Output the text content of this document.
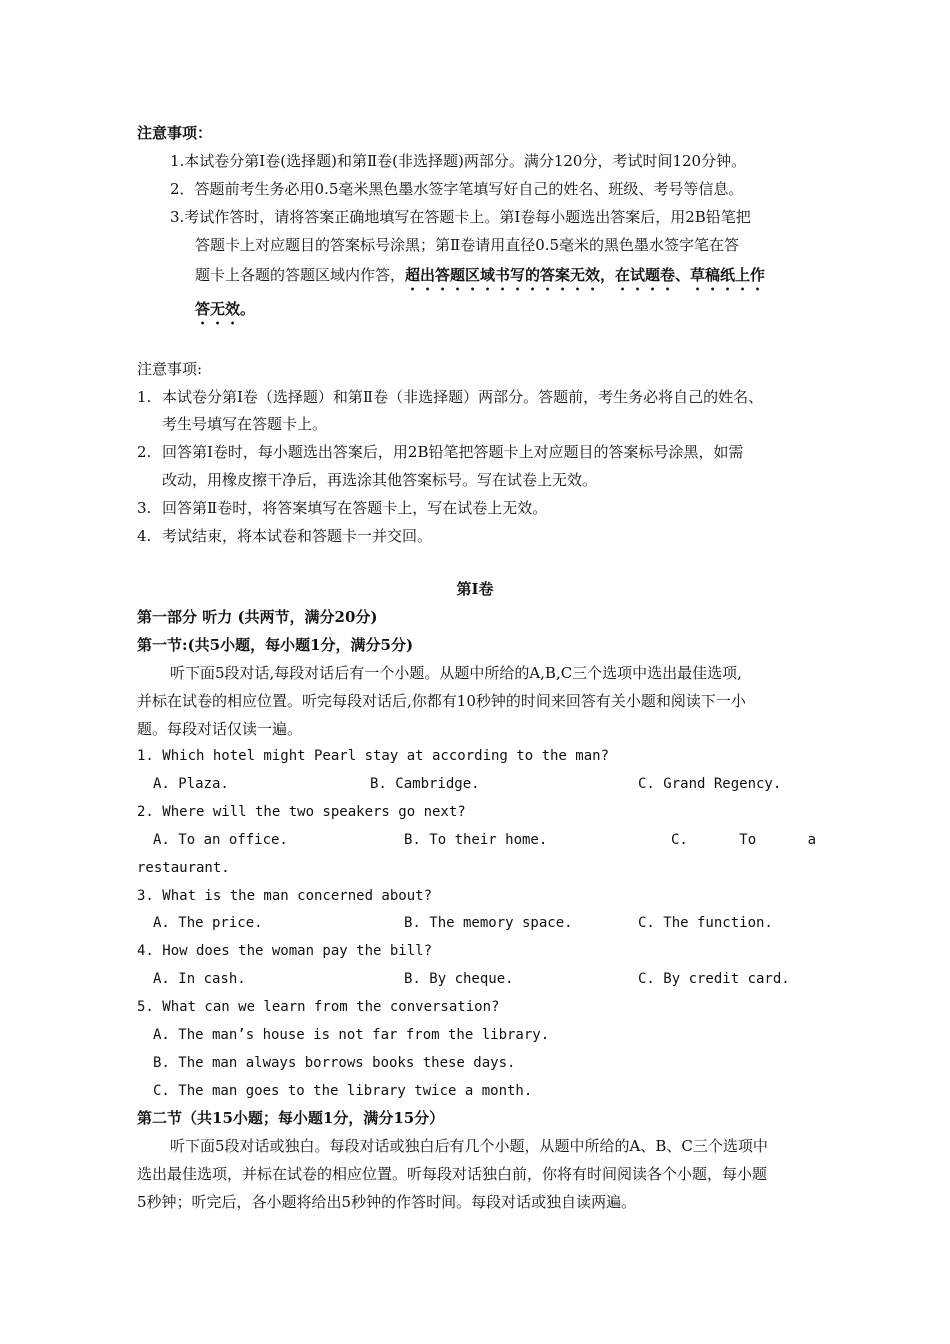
注意事项：
1.本试卷分第Ⅰ卷(选择题)和第Ⅱ卷(非选择题)两部分。满分120分，考试时间120分钟。
2．答题前考生务必用0.5毫米黑色墨水签字笔填写好自己的姓名、班级、考号等信息。
3.考试作答时，请将答案正确地填写在答题卡上。第Ⅰ卷每小题选出答案后，用2B铅笔把
答题卡上对应题目的答案标号涂黑；第Ⅱ卷请用直径0.5毫米的黑色墨水签字笔在答
题卡上各题的答题区域内作答，超出答题区域书写的答案无效，在试题卷、草稿纸上作
答无效。
注意事项:
1. 本试卷分第Ⅰ卷（选择题）和第Ⅱ卷（非选择题）两部分。答题前，考生务必将自己的姓名、
考生号填写在答题卡上。
2. 回答第Ⅰ卷时，每小题选出答案后，用2B铅笔把答题卡上对应题目的答案标号涂黑，如需
改动，用橡皮擦干净后，再选涂其他答案标号。写在试卷上无效。
3. 回答第Ⅱ卷时，将答案填写在答题卡上，写在试卷上无效。
4. 考试结束，将本试卷和答题卡一并交回。
第Ⅰ卷
第一部分 听力 (共两节，满分20分)
第一节:(共5小题，每小题1分，满分5分)
听下面5段对话,每段对话后有一个小题。从题中所给的A,B,C三个选项中选出最佳选项,
并标在试卷的相应位置。听完每段对话后,你都有10秒钟的时间来回答有关小题和阅读下一小
题。每段对话仅读一遍。
1. Which hotel might Pearl stay at according to the man?
A. Plaza.	B. Cambridge.	C. Grand Regency.
2. Where will the two speakers go next?
A. To an office.	B. To their home.	C.	To	a
restaurant.
3. What is the man concerned about?
A. The price.	B. The memory space.	C. The function.
4. How does the woman pay the bill?
A. In cash.	B. By cheque.	C. By credit card.
5. What can we learn from the conversation?
A. The man’s house is not far from the library.
B. The man always borrows books these days.
C. The man goes to the library twice a month.
第二节（共15小题；每小题1分，满分15分）
听下面5段对话或独白。每段对话或独白后有几个小题，从题中所给的A、B、C三个选项中
选出最佳选项，并标在试卷的相应位置。听每段对话独白前，你将有时间阅读各个小题，每小题
5秒钟；听完后，各小题将给出5秒钟的作答时间。每段对话或独自读两遍。
